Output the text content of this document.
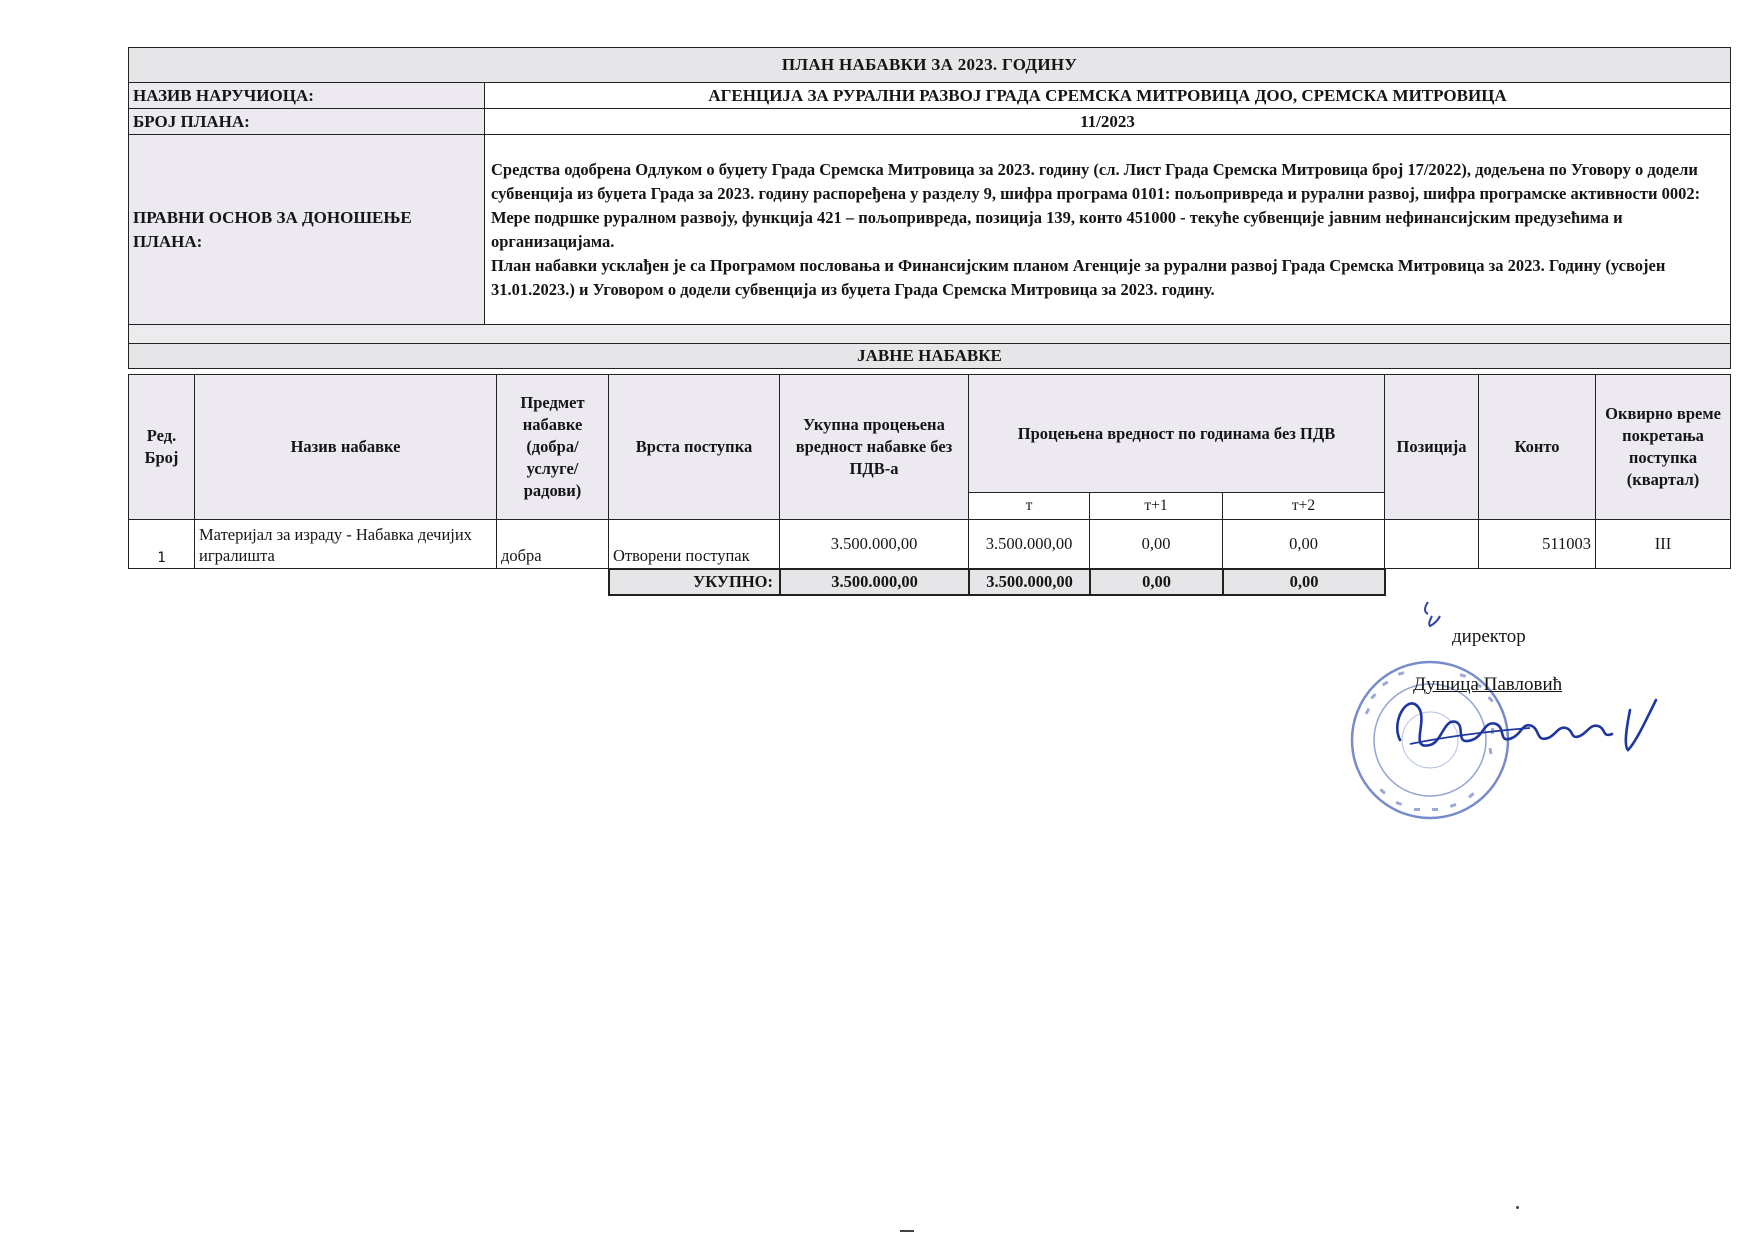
ПЛАН НАБАВКИ ЗА 2023. ГОДИНУ	
НАЗИВ НАРУЧИОЦА:	АГЕНЦИЈА ЗА РУРАЛНИ РАЗВОЈ ГРАДА СРЕМСКА МИТРОВИЦА ДОО, СРЕМСКА МИТРОВИЦА
БРОЈ ПЛАНА:	11/2023
ПРАВНИ ОСНОВ ЗА ДОНОШЕЊЕ ПЛАНА:	Средства одобрена Одлуком о буџету Града Сремска Митровица за 2023. годину (сл. Лист Града Сремска Митровица број 17/2022), додељена по Уговору о додели субвенција из буџета Града за 2023. годину распоређена у разделу 9, шифра програма 0101: пољопривреда и рурални развој, шифра програмске активности 0002: Мере подршке руралном развоју, функција 421 – пољопривреда, позиција 139, конто 451000 - текуће субвенције јавним нефинансијским предузећима и организацијама.
План набавки усклађен је са Програмом пословања и Финансијским планом Агенције за рурални развој Града Сремска Митровица за 2023. Годину (усвојен 31.01.2023.) и Уговором о додели субвенција из буџета Града Сремска Митровица за 2023. годину.

ЈАВНЕ НАБАВКЕ	
Ред. Број	Назив набавке	Предмет набавке (добра/услуге/радови)	Врста поступка	Укупна процењена вредност набавке без ПДВ-а	Процењена вредност по годинама без ПДВ			Позиција	Конто	Оквирно време покретања поступка (квартал)
					т	т+1	т+2			
1	Материјал за израду - Набавка дечијих игралишта	добра	Отворени поступак	3.500.000,00	3.500.000,00	0,00	0,00		511003	III
УКУПНО:	3.500.000,00	3.500.000,00	0,00	0,00
директор
Душица Павловић
